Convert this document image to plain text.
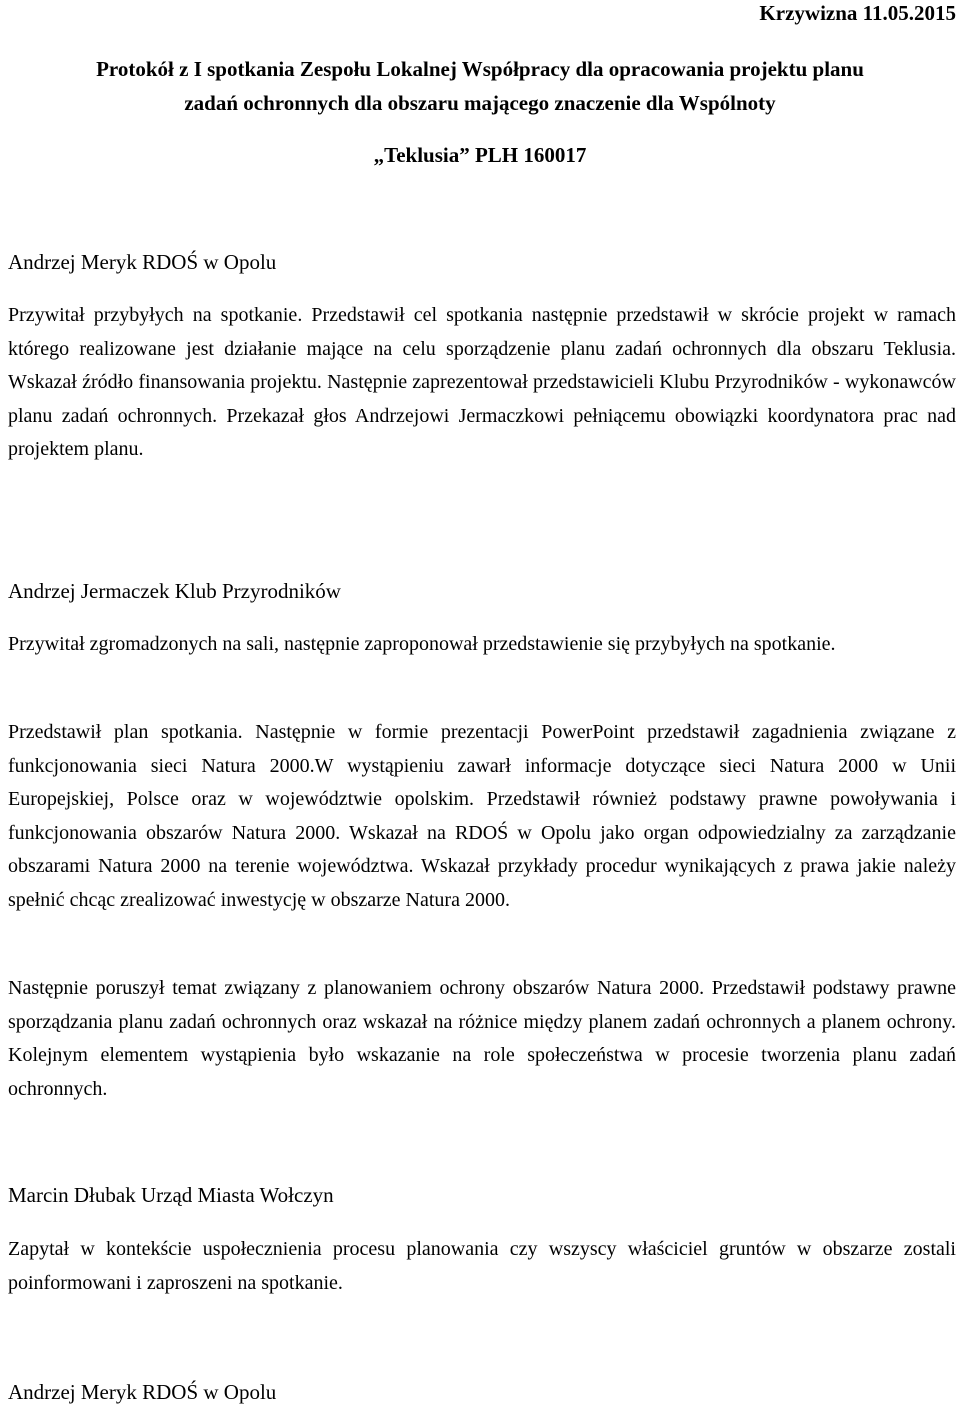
Krzywizna 11.05.2015
Protokół z I spotkania Zespołu Lokalnej Współpracy dla opracowania projektu planu
zadań ochronnych dla obszaru mającego znaczenie dla Wspólnoty
„Teklusia” PLH 160017
Andrzej Meryk RDOŚ w Opolu
Przywitał przybyłych na spotkanie. Przedstawił cel spotkania następnie przedstawił w skrócie projekt w ramach którego realizowane jest działanie mające na celu sporządzenie planu zadań ochronnych dla obszaru Teklusia. Wskazał źródło finansowania projektu. Następnie zaprezentował przedstawicieli Klubu Przyrodników - wykonawców planu zadań ochronnych. Przekazał głos Andrzejowi Jermaczkowi pełniącemu obowiązki koordynatora prac nad projektem planu.
Andrzej Jermaczek Klub Przyrodników
Przywitał zgromadzonych na sali, następnie zaproponował przedstawienie się przybyłych na spotkanie.
Przedstawił plan spotkania. Następnie w formie prezentacji PowerPoint przedstawił zagadnienia związane z funkcjonowania sieci Natura 2000.W wystąpieniu zawarł informacje dotyczące sieci Natura 2000 w Unii Europejskiej, Polsce oraz w województwie opolskim. Przedstawił również podstawy prawne powoływania i funkcjonowania obszarów Natura 2000. Wskazał na RDOŚ w Opolu jako organ odpowiedzialny za zarządzanie obszarami Natura 2000 na terenie województwa. Wskazał przykłady procedur wynikających z prawa jakie należy spełnić chcąc zrealizować inwestycję w obszarze Natura 2000.
Następnie poruszył temat związany z planowaniem ochrony obszarów Natura 2000. Przedstawił podstawy prawne sporządzania planu zadań ochronnych oraz wskazał na różnice między planem zadań ochronnych a planem ochrony. Kolejnym elementem wystąpienia było wskazanie na role społeczeństwa w procesie tworzenia planu zadań ochronnych.
Marcin Dłubak Urząd Miasta Wołczyn
Zapytał w kontekście uspołecznienia procesu planowania czy wszyscy właściciel gruntów w obszarze zostali poinformowani i zaproszeni na spotkanie.
Andrzej Meryk RDOŚ w Opolu
